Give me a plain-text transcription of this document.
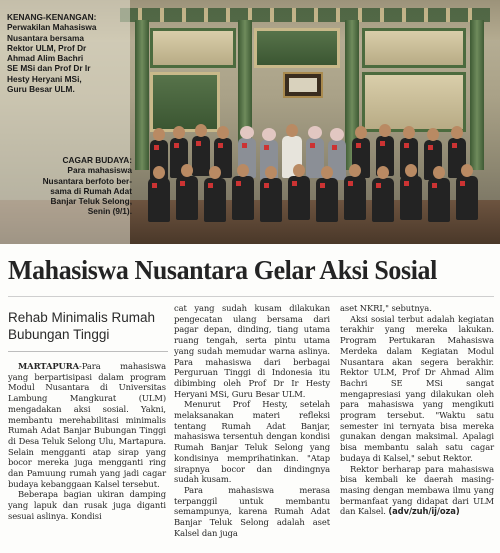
KENANG-KENANGAN:
Perwakilan Mahasiswa
Nusantara bersama
Rektor ULM, Prof Dr
Ahmad Alim Bachri
SE MSi dan Prof Dr Ir
Hesty Heryani MSi,
Guru Besar ULM.
CAGAR BUDAYA:
Para mahasiswa
Nusantara berfoto ber-
sama di Rumah Adat
Banjar Teluk Selong,
Senin (9/1).
Mahasiswa Nusantara Gelar Aksi Sosial
Rehab Minimalis Rumah Bubungan Tinggi

MARTAPURA-Para mahasiswa yang berpartisipasi dalam program Modul Nusantara di Universitas Lambung Mangkurat (ULM) mengadakan aksi sosial. Yakni, membantu merehabilitasi minimalis Rumah Adat Banjar Bubungan Tinggi di Desa Teluk Selong Ulu, Martapura. Selain mengganti atap sirap yang bocor mereka juga mengganti ring dan Pamuung rumah yang jadi cagar budaya kebanggaan Kalsel tersebut.

Beberapa bagian ukiran damping yang lapuk dan rusak juga diganti sesuai aslinya. Kondisi

cat yang sudah kusam dilakukan pengecatan ulang bersama dari pagar depan, dinding, tiang utama ruang tengah, serta pintu utama yang sudah memudar warna aslinya. Para mahasiswa dari berbagai Perguruan Tinggi di Indonesia itu dibimbing oleh Prof Dr Ir Hesty Heryani MSi, Guru Besar ULM.

Menurut Prof Hesty, setelah melaksanakan materi refleksi tentang Rumah Adat Banjar, mahasiswa tersentuh dengan kondisi Rumah Banjar Teluk Selong yang kondisinya memprihatinkan. "Atap sirapnya bocor dan dindingnya sudah kusam.

Para mahasiswa merasa terpanggil untuk membantu semampunya, karena Rumah Adat Banjar Teluk Selong adalah aset Kalsel dan juga

aset NKRI," sebutnya.

Aksi sosial terbut adalah kegiatan terakhir yang mereka lakukan. Program Pertukaran Mahasiswa Merdeka dalam Kegiatan Modul Nusantara akan segera berakhir. Rektor ULM, Prof Dr Ahmad Alim Bachri SE MSi sangat mengapresiasi yang dilakukan oleh para mahasiswa yang mengikuti program tersebut. "Waktu satu semester ini ternyata bisa mereka gunakan dengan maksimal. Apalagi bisa membantu salah satu cagar budaya di Kalsel," sebut Rektor.

Rektor berharap para mahasiswa bisa kembali ke daerah masing-masing dengan membawa ilmu yang bermanfaat yang didapat dari ULM dan Kalsel. (adv/zuh/ij/oza)
